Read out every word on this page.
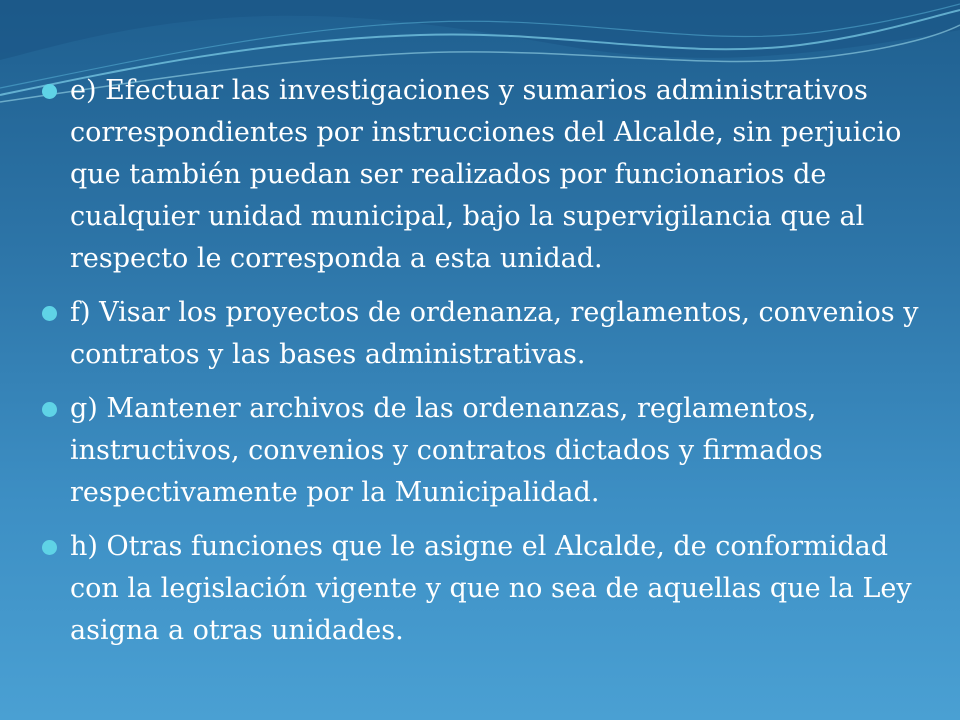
e) Efectuar las investigaciones y sumarios administrativos correspondientes por instrucciones del Alcalde, sin perjuicio que también puedan ser realizados por funcionarios de cualquier unidad municipal, bajo la supervigilancia que al respecto le corresponda a esta unidad.
f) Visar los proyectos de ordenanza, reglamentos, convenios y contratos y las bases administrativas.
g) Mantener archivos de las ordenanzas, reglamentos, instructivos, convenios y contratos dictados y firmados respectivamente por la Municipalidad.
h) Otras funciones que le asigne el Alcalde, de conformidad con la legislación vigente y que no sea de aquellas que la Ley asigna a otras unidades.
